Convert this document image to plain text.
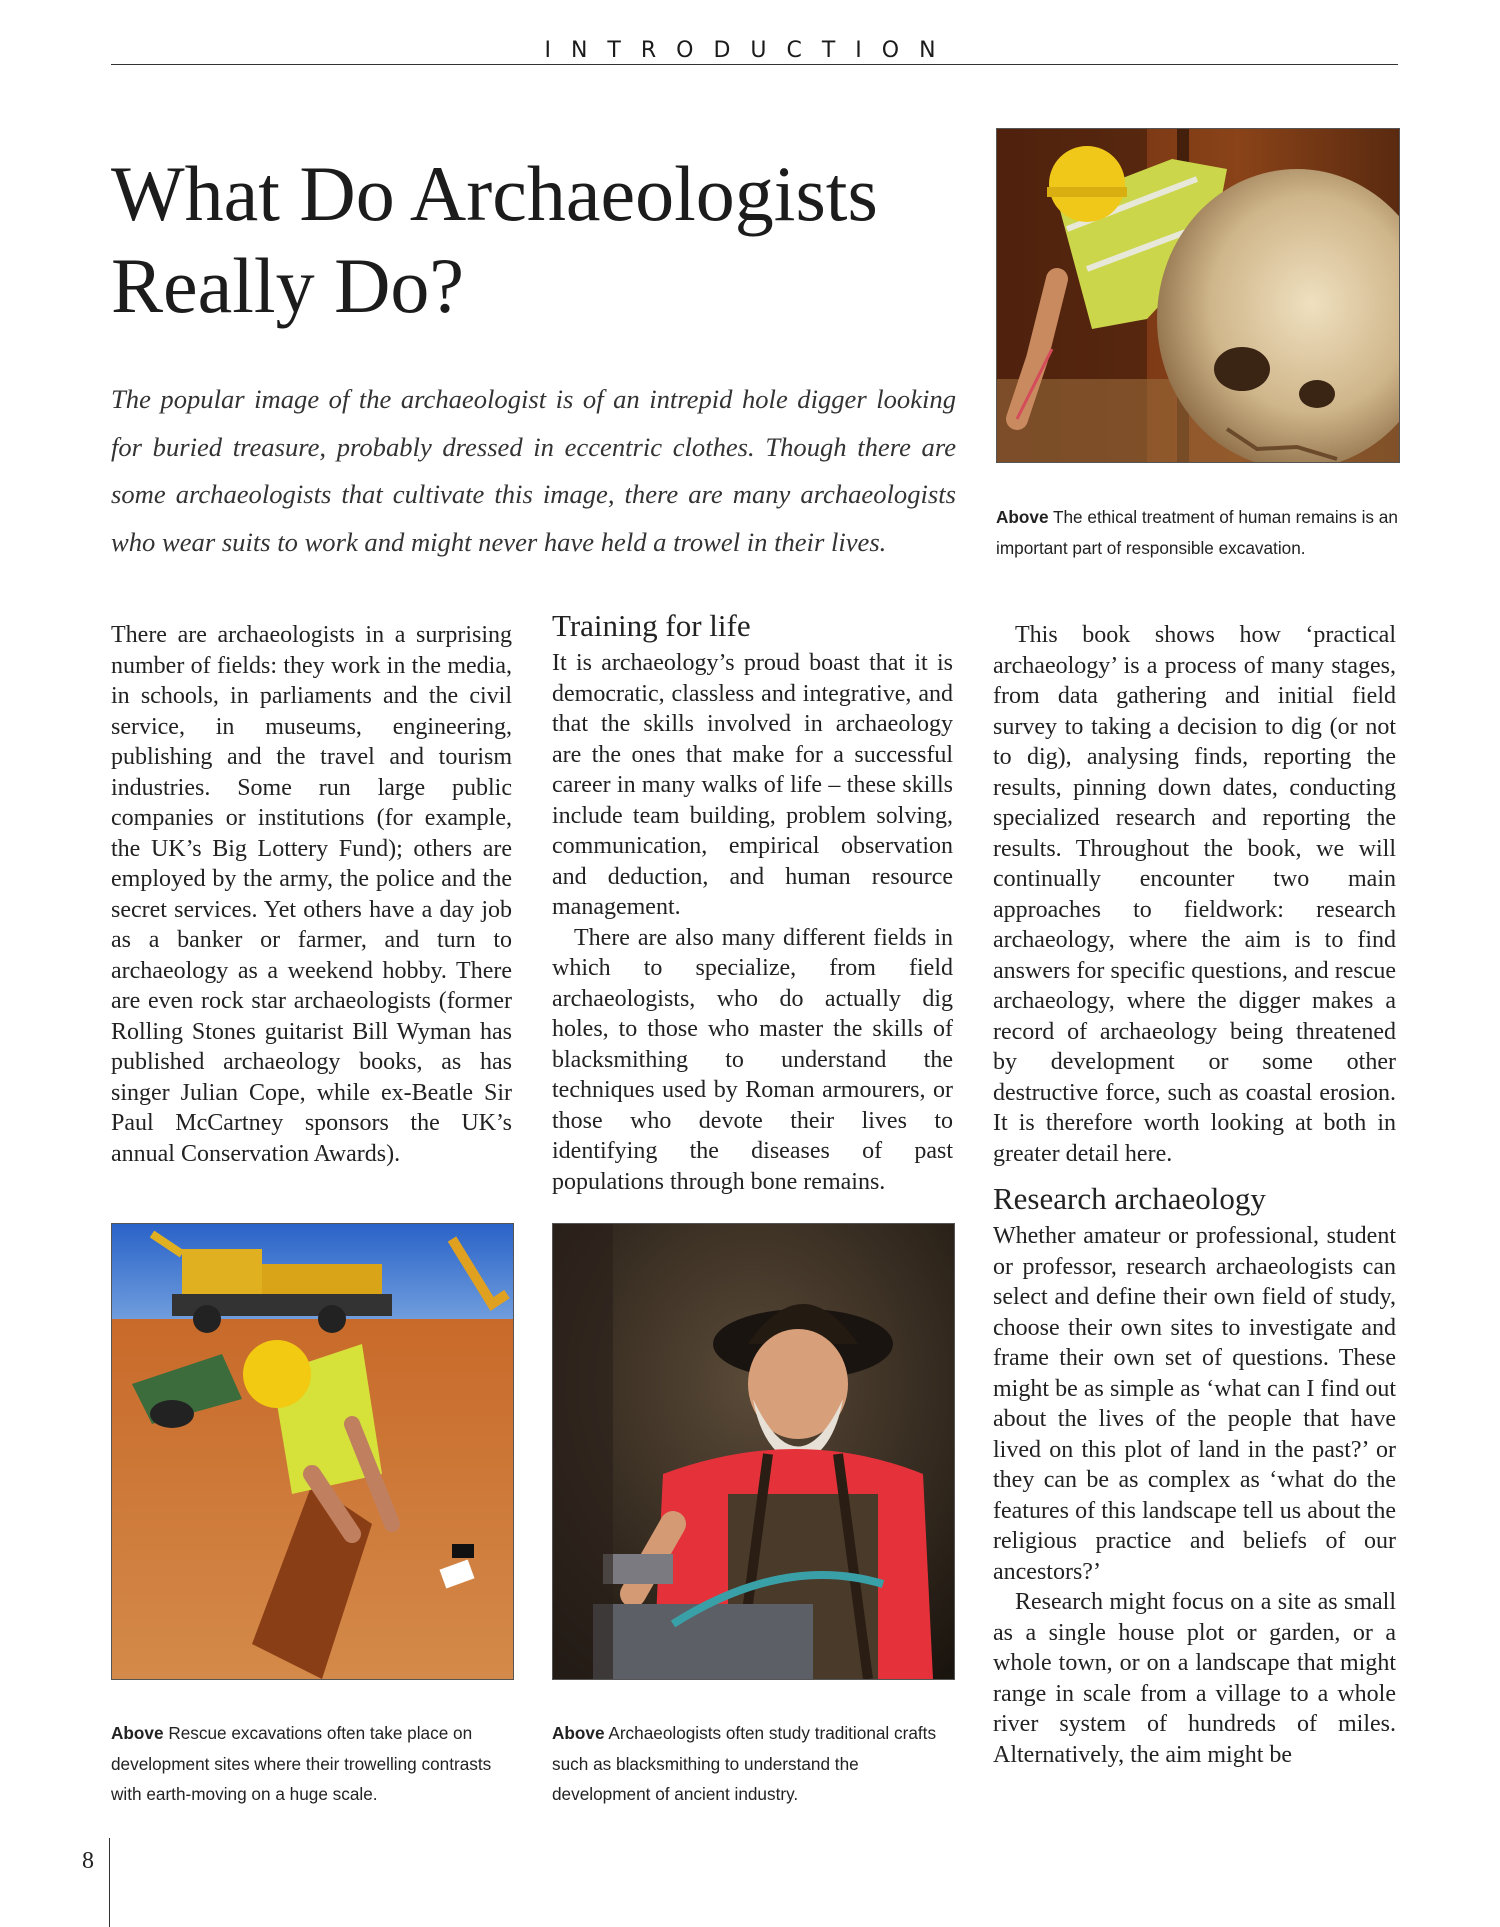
INTRODUCTION
What Do Archaeologists
Really Do?

The popular image of the archaeologist is of an intrepid hole digger looking for buried treasure, probably dressed in eccentric clothes. Though there are some archaeologists that cultivate this image, there are many archaeologists who wear suits to work and might never have held a trowel in their lives.

Above The ethical treatment of human remains is an important part of responsible excavation.

There are archaeologists in a surprising number of fields: they work in the media, in schools, in parliaments and the civil service, in museums, engineering, publishing and the travel and tourism industries. Some run large public companies or institutions (for example, the UK’s Big Lottery Fund); others are employed by the army, the police and the secret services. Yet others have a day job as a banker or farmer, and turn to archaeology as a weekend hobby. There are even rock star archaeologists (former Rolling Stones guitarist Bill Wyman has published archaeology books, as has singer Julian Cope, while ex-Beatle Sir Paul McCartney sponsors the UK’s annual Conservation Awards).

Training for life

It is archaeology’s proud boast that it is democratic, classless and integrative, and that the skills involved in archaeology are the ones that make for a successful career in many walks of life – these skills include team building, problem solving, communication, empirical observation and deduction, and human resource management.

There are also many different fields in which to specialize, from field archaeologists, who do actually dig holes, to those who master the skills of blacksmithing to understand the techniques used by Roman armourers, or those who devote their lives to identifying the diseases of past populations through bone remains.

This book shows how ‘practical archaeology’ is a process of many stages, from data gathering and initial field survey to taking a decision to dig (or not to dig), analysing finds, reporting the results, pinning down dates, conducting specialized research and reporting the results. Throughout the book, we will continually encounter two main approaches to fieldwork: research archaeology, where the aim is to find answers for specific questions, and rescue archaeology, where the digger makes a record of archaeology being threatened by development or some other destructive force, such as coastal erosion. It is therefore worth looking at both in greater detail here.

Research archaeology

Whether amateur or professional, student or professor, research archaeologists can select and define their own field of study, choose their own sites to investigate and frame their own set of questions. These might be as simple as ‘what can I find out about the lives of the people that have lived on this plot of land in the past?’ or they can be as complex as ‘what do the features of this landscape tell us about the religious practice and beliefs of our ancestors?’

Research might focus on a site as small as a single house plot or garden, or a whole town, or on a landscape that might range in scale from a village to a whole river system of hundreds of miles. Alternatively, the aim might be

Above Rescue excavations often take place on development sites where their trowelling contrasts with earth-moving on a huge scale.

Above Archaeologists often study traditional crafts such as blacksmithing to understand the development of ancient industry.

8
